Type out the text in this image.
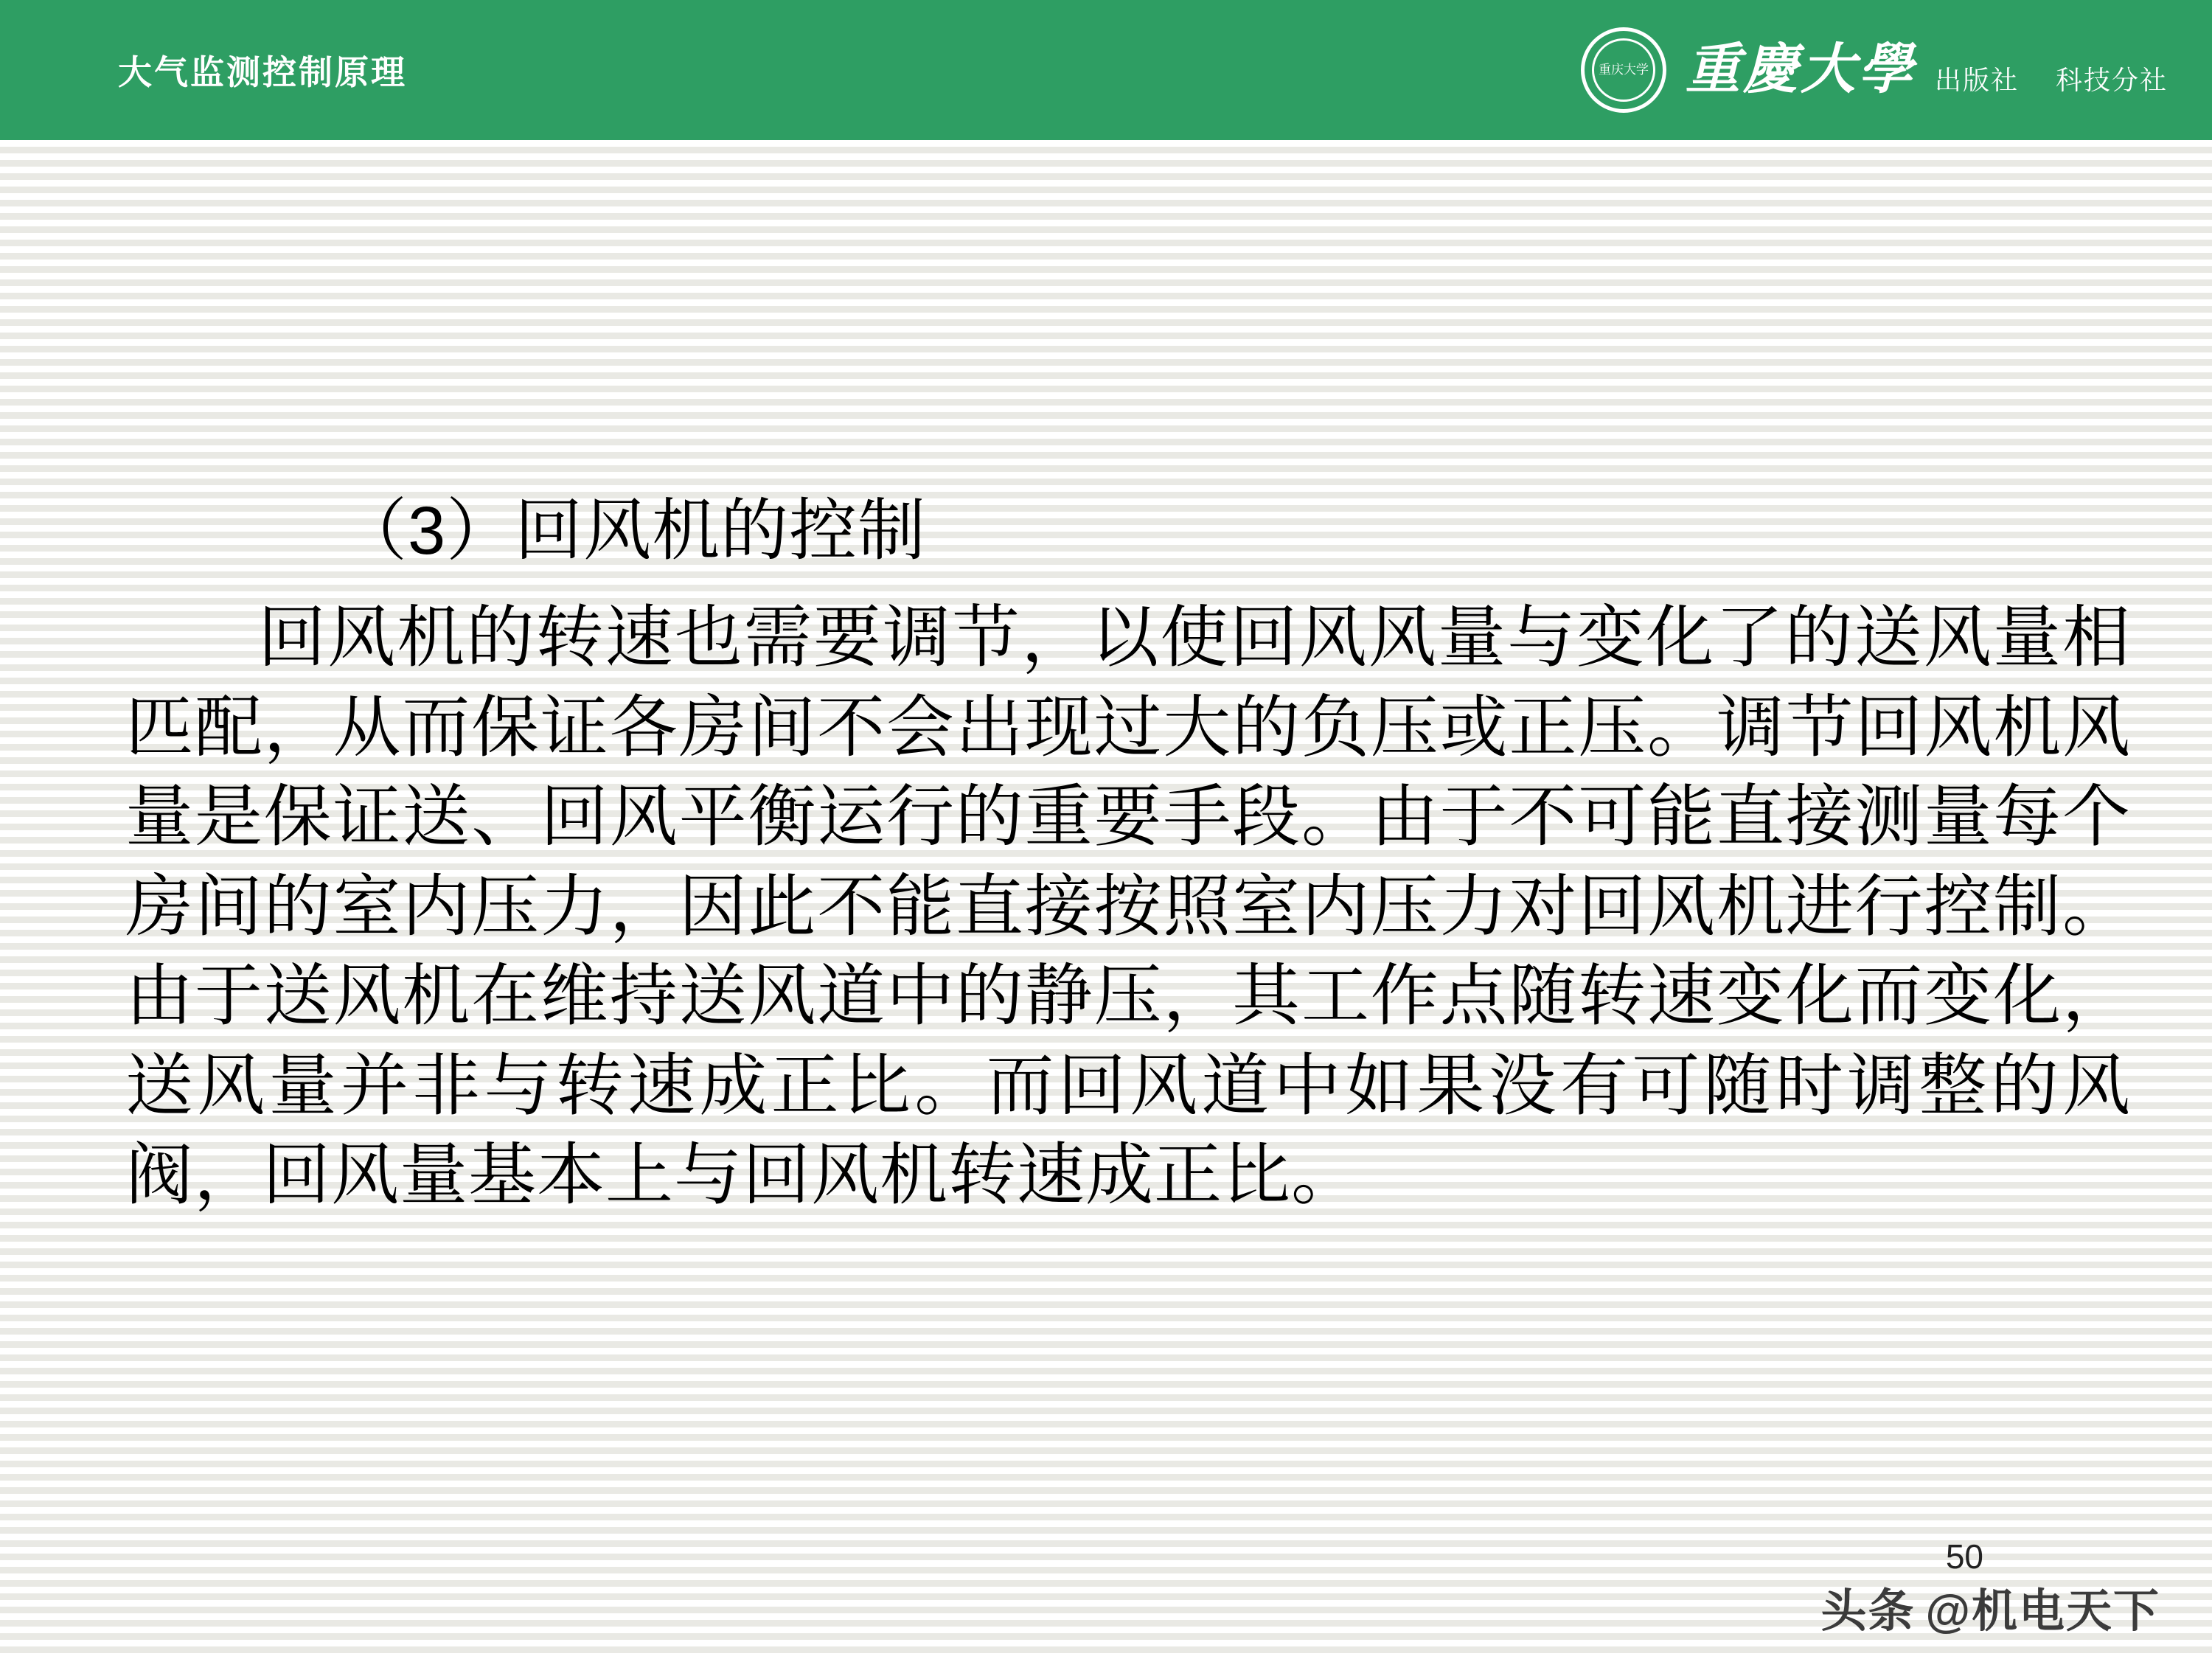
大气监测控制原理	重庆大学 重慶大學 出版社 科技分社

（3）回风机的控制

回风机的转速也需要调节，以使回风风量与变化了的送风量相匹配，从而保证各房间不会出现过大的负压或正压。调节回风机风量是保证送、回风平衡运行的重要手段。由于不可能直接测量每个房间的室内压力，因此不能直接按照室内压力对回风机进行控制。由于送风机在维持送风道中的静压，其工作点随转速变化而变化，送风量并非与转速成正比。而回风道中如果没有可随时调整的风阀，回风量基本上与回风机转速成正比。

50
头条 @机电天下
